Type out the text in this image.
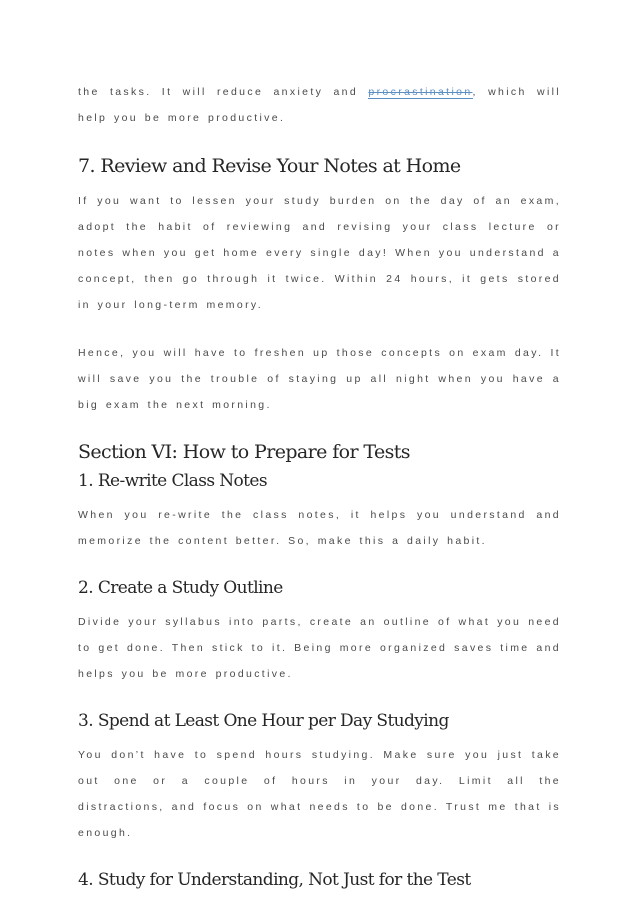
the tasks. It will reduce anxiety and procrastination, which will help you be more productive.

7. Review and Revise Your Notes at Home

If you want to lessen your study burden on the day of an exam, adopt the habit of reviewing and revising your class lecture or notes when you get home every single day! When you understand a concept, then go through it twice. Within 24 hours, it gets stored in your long-term memory.

Hence, you will have to freshen up those concepts on exam day. It will save you the trouble of staying up all night when you have a big exam the next morning.

Section VI: How to Prepare for Tests
1. Re-write Class Notes

When you re-write the class notes, it helps you understand and memorize the content better. So, make this a daily habit.

2. Create a Study Outline

Divide your syllabus into parts, create an outline of what you need to get done. Then stick to it. Being more organized saves time and helps you be more productive.

3. Spend at Least One Hour per Day Studying

You don’t have to spend hours studying. Make sure you just take out one or a couple of hours in your day. Limit all the distractions, and focus on what needs to be done. Trust me that is enough.

4. Study for Understanding, Not Just for the Test
